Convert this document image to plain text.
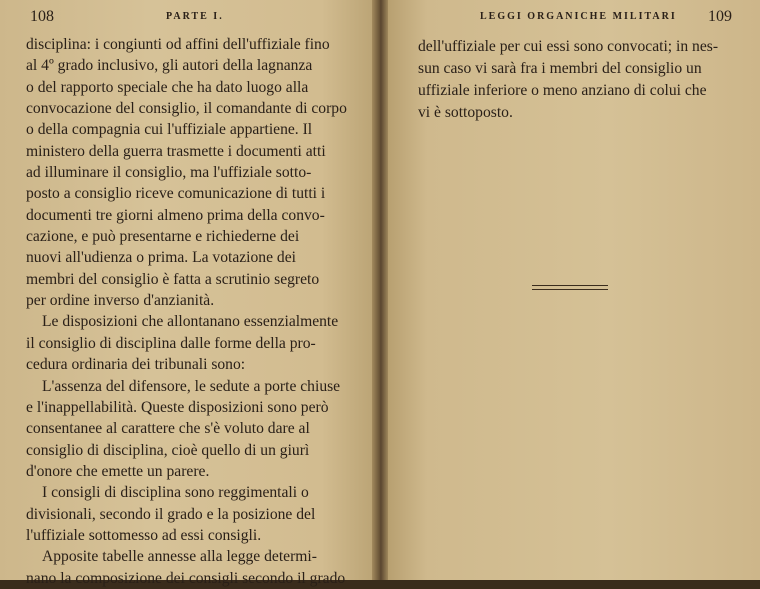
108	PARTE I.
disciplina: i congiunti od affini dell'uffiziale fino
al 4º grado inclusivo, gli autori della lagnanza
o del rapporto speciale che ha dato luogo alla
convocazione del consiglio, il comandante di corpo
o della compagnia cui l'uffiziale appartiene. Il
ministero della guerra trasmette i documenti atti
ad illuminare il consiglio, ma l'uffiziale sotto-
posto a consiglio riceve comunicazione di tutti i
documenti tre giorni almeno prima della convo-
cazione, e può presentarne e richiederne dei
nuovi all'udienza o prima. La votazione dei
membri del consiglio è fatta a scrutinio segreto
per ordine inverso d'anzianità.
Le disposizioni che allontanano essenzialmente
il consiglio di disciplina dalle forme della pro-
cedura ordinaria dei tribunali sono:
L'assenza del difensore, le sedute a porte chiuse
e l'inappellabilità. Queste disposizioni sono però
consentanee al carattere che s'è voluto dare al
consiglio di disciplina, cioè quello di un giurì
d'onore che emette un parere.
I consigli di disciplina sono reggimentali o
divisionali, secondo il grado e la posizione del
l'uffiziale sottomesso ad essi consigli.
Apposite tabelle annesse alla legge determi-
nano la composizione dei consigli secondo il grado
LEGGI ORGANICHE MILITARI 109
dell'uffiziale per cui essi sono convocati; in nes-
sun caso vi sarà fra i membri del consiglio un
uffiziale inferiore o meno anziano di colui che
vi è sottoposto.
